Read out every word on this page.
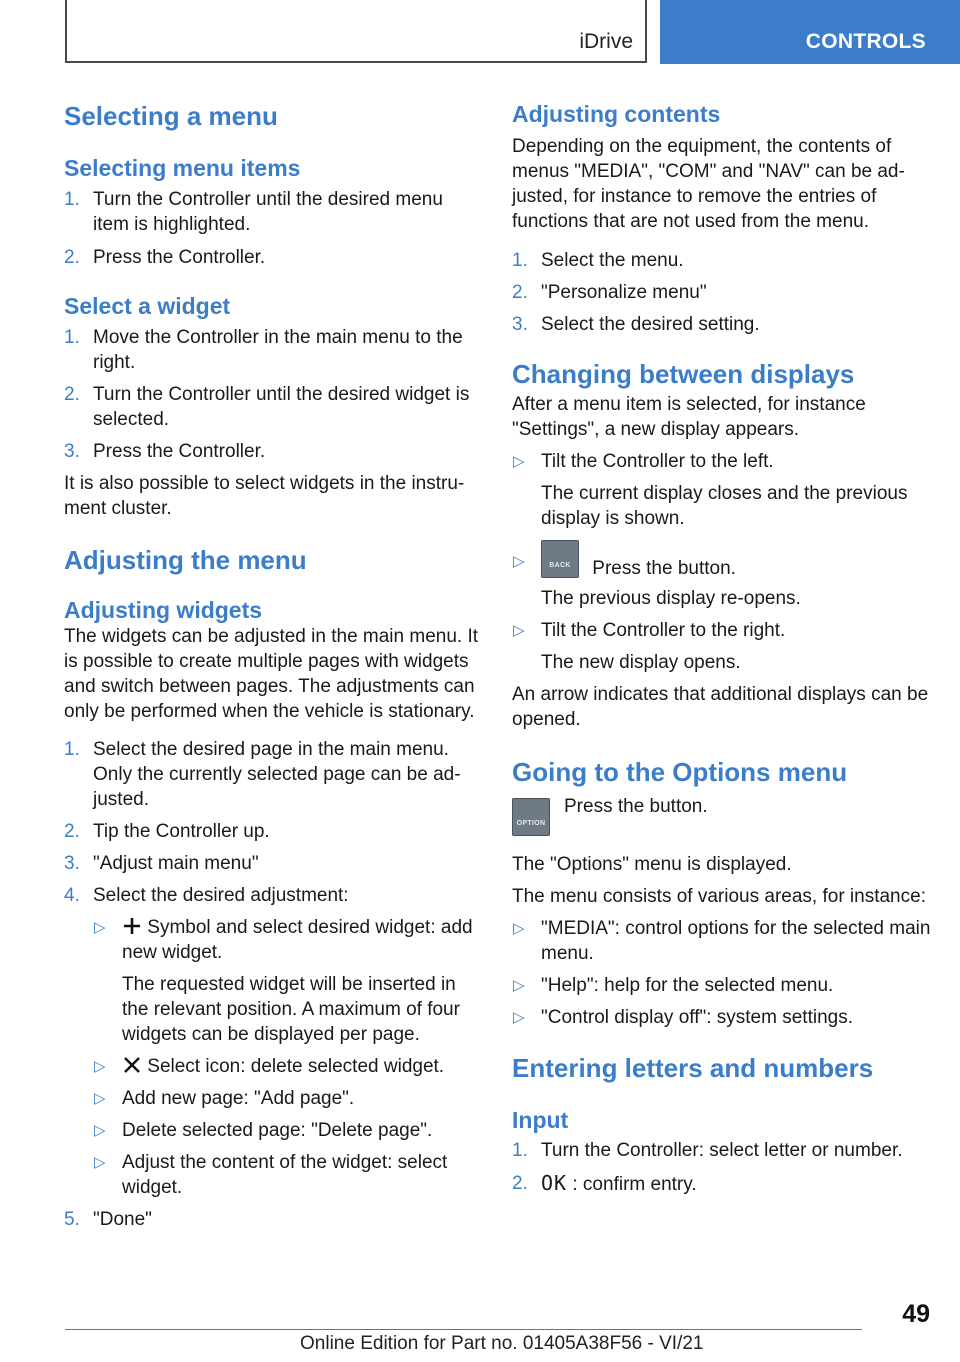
iDrive	CONTROLS
Selecting a menu
Selecting menu items
1. Turn the Controller until the desired menu item is highlighted.
2. Press the Controller.
Select a widget
1. Move the Controller in the main menu to the right.
2. Turn the Controller until the desired widget is selected.
3. Press the Controller.

It is also possible to select widgets in the instrument cluster.

Adjusting the menu
Adjusting widgets

The widgets can be adjusted in the main menu. It is possible to create multiple pages with widgets and switch between pages. The adjustments can only be performed when the vehicle is stationary.

1. Select the desired page in the main menu. Only the currently selected page can be adjusted.
2. Tip the Controller up.
3. "Adjust main menu"
4. Select the desired adjustment:
▷ Symbol and select desired widget: add new widget.

The requested widget will be inserted in the relevant position. A maximum of four widgets can be displayed per page.

▷ Select icon: delete selected widget.
▷ Add new page: "Add page".
▷ Delete selected page: "Delete page".
▷ Adjust the content of the widget: select widget.
5. "Done"
Adjusting contents

Depending on the equipment, the contents of menus "MEDIA", "COM" and "NAV" can be adjusted, for instance to remove the entries of functions that are not used from the menu.

1. Select the menu.
2. "Personalize menu"
3. Select the desired setting.
Changing between displays

After a menu item is selected, for instance "Settings", a new display appears.

▷ Tilt the Controller to the left.

The current display closes and the previous display is shown.

▷	BACK	Press the button.

The previous display re-opens.

▷ Tilt the Controller to the right.

The new display opens.

An arrow indicates that additional displays can be opened.

Going to the Options menu
OPTION
Press the button.

The "Options" menu is displayed.

The menu consists of various areas, for instance:

▷ "MEDIA": control options for the selected main menu.
▷ "Help": help for the selected menu.
▷ "Control display off": system settings.
Entering letters and numbers
Input
1. Turn the Controller: select letter or number.
2. OK : confirm entry.
49
Online Edition for Part no. 01405A38F56 - VI/21
